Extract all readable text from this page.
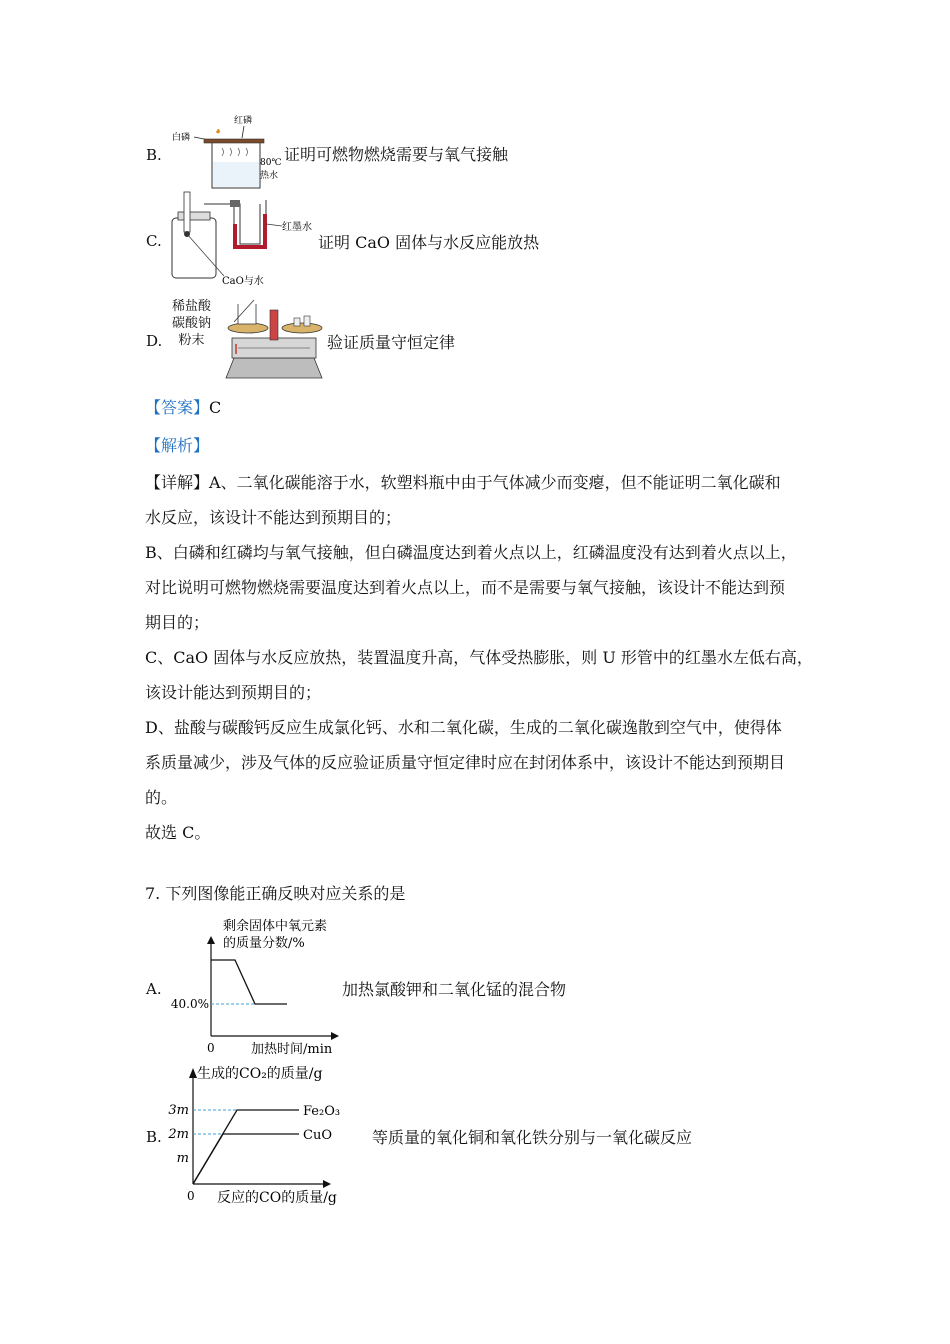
B.
白磷
红磷
80℃
热水
证明可燃物燃烧需要与氧气接触
C.
红墨水
CaO与水
证明 CaO 固体与水反应能放热
D.
稀盐酸
碳酸钠
粉末	验证质量守恒定律
【答案】C
【解析】
【详解】A、二氧化碳能溶于水，软塑料瓶中由于气体减少而变瘪，但不能证明二氧化碳和
水反应，该设计不能达到预期目的；
B、白磷和红磷均与氧气接触，但白磷温度达到着火点以上，红磷温度没有达到着火点以上，
对比说明可燃物燃烧需要温度达到着火点以上，而不是需要与氧气接触，该设计不能达到预
期目的；
C、CaO 固体与水反应放热，装置温度升高，气体受热膨胀，则 U 形管中的红墨水左低右高，
该设计能达到预期目的；
D、盐酸与碳酸钙反应生成氯化钙、水和二氧化碳，生成的二氧化碳逸散到空气中，使得体
系质量减少，涉及气体的反应验证质量守恒定律时应在封闭体系中，该设计不能达到预期目
的。
故选 C。
7. 下列图像能正确反映对应关系的是
A.
剩余固体中氧元素
的质量分数/%
40.0%
0	加热时间/min
加热氯酸钾和二氧化锰的混合物
B.
生成的CO₂的质量/g
3m
2m
m
Fe₂O₃
CuO
0 反应的CO的质量/g
等质量的氧化铜和氧化铁分别与一氧化碳反应
